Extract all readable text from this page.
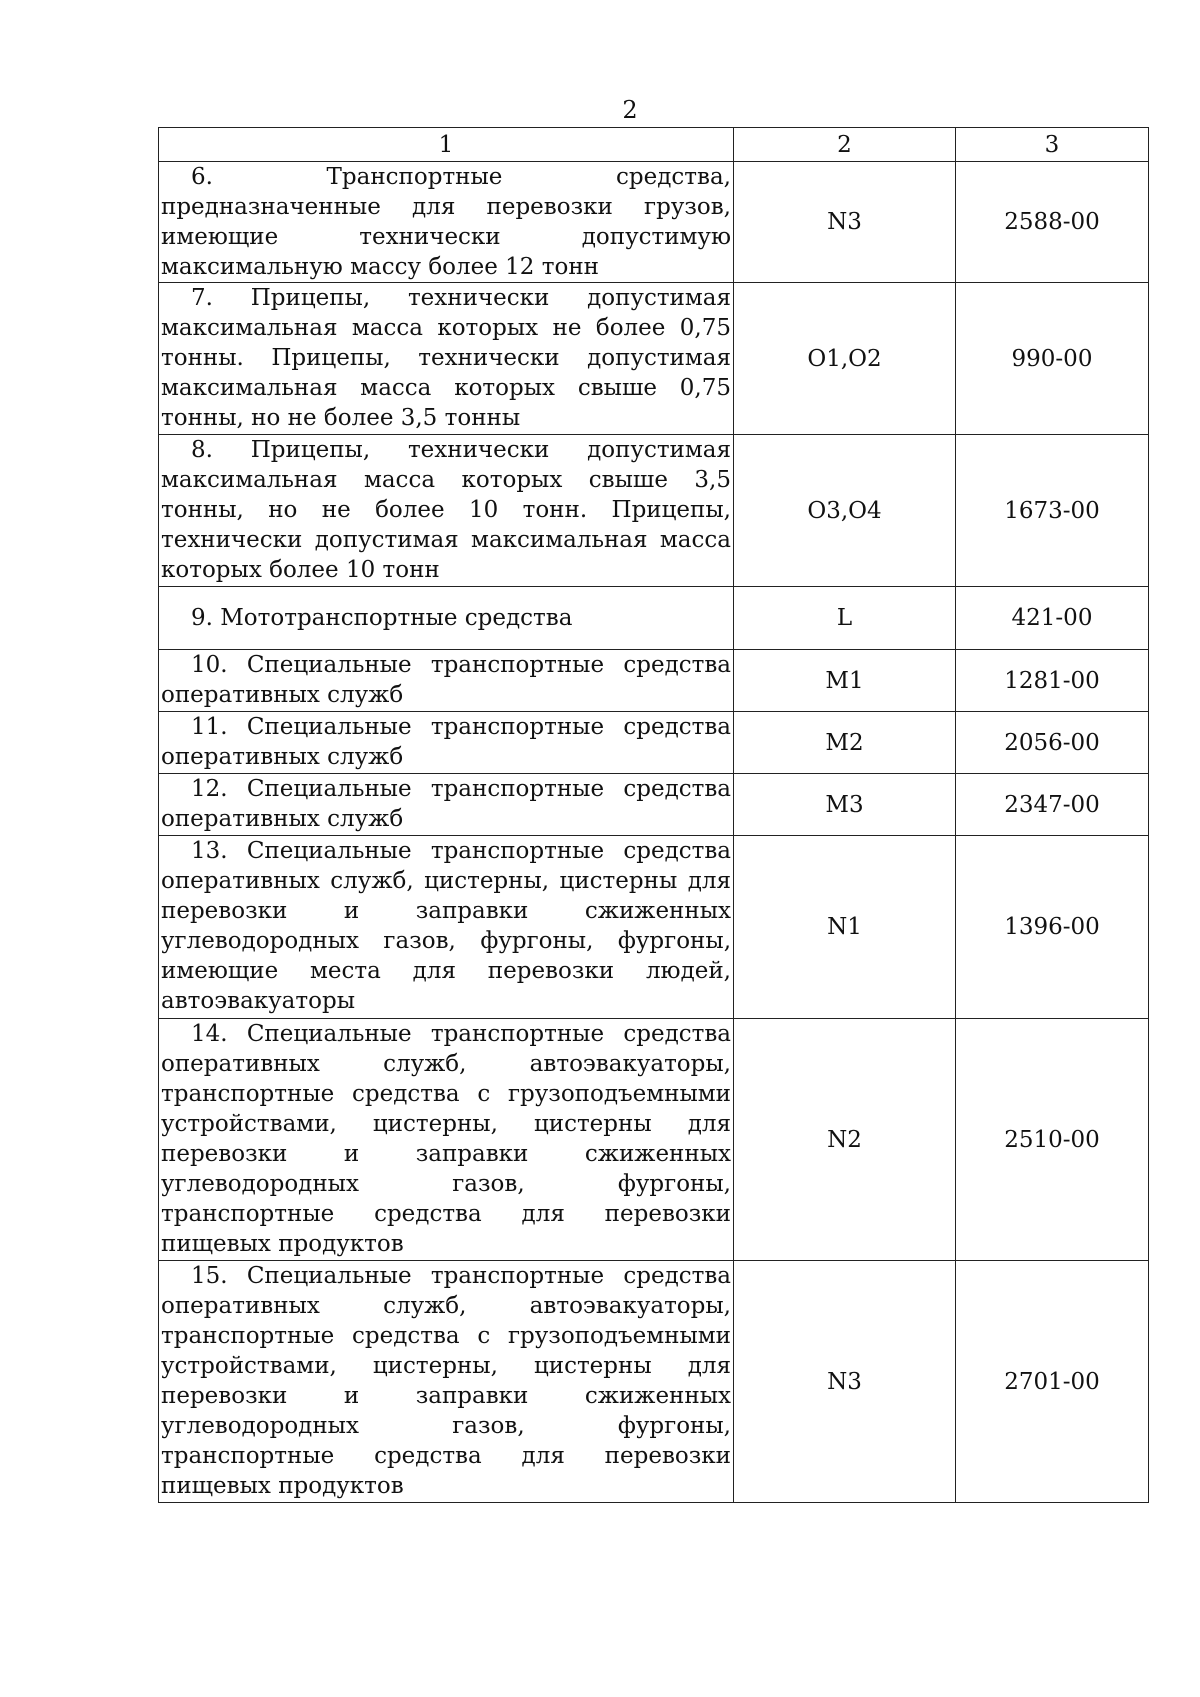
2
1	2	3

6. Транспортные средства, предназначенные для перевозки грузов, имеющие технически допустимую максимальную массу более 12 тонн	N3	2588-00

7. Прицепы, технически допустимая максимальная масса которых не более 0,75 тонны. Прицепы, технически допустимая максимальная масса которых свыше 0,75 тонны, но не более 3,5 тонны	O1,O2	990-00

8. Прицепы, технически допустимая максимальная масса которых свыше 3,5 тонны, но не более 10 тонн. Прицепы, технически допустимая максимальная масса которых более 10 тонн	O3,O4	1673-00

9. Мототранспортные средства	L	421-00

10. Специальные транспортные средства оперативных служб	M1	1281-00

11. Специальные транспортные средства оперативных служб	M2	2056-00

12. Специальные транспортные средства оперативных служб	M3	2347-00

13. Специальные транспортные средства оперативных служб, цистерны, цистерны для перевозки и заправки сжиженных углеводородных газов, фургоны, фургоны, имеющие места для перевозки людей, автоэвакуаторы	N1	1396-00

14. Специальные транспортные средства оперативных служб, автоэвакуаторы, транспортные средства с грузоподъемными устройствами, цистерны, цистерны для перевозки и заправки сжиженных углеводородных газов, фургоны, транспортные средства для перевозки пищевых продуктов	N2	2510-00

15. Специальные транспортные средства оперативных служб, автоэвакуаторы, транспортные средства с грузоподъемными устройствами, цистерны, цистерны для перевозки и заправки сжиженных углеводородных газов, фургоны, транспортные средства для перевозки пищевых продуктов	N3	2701-00
